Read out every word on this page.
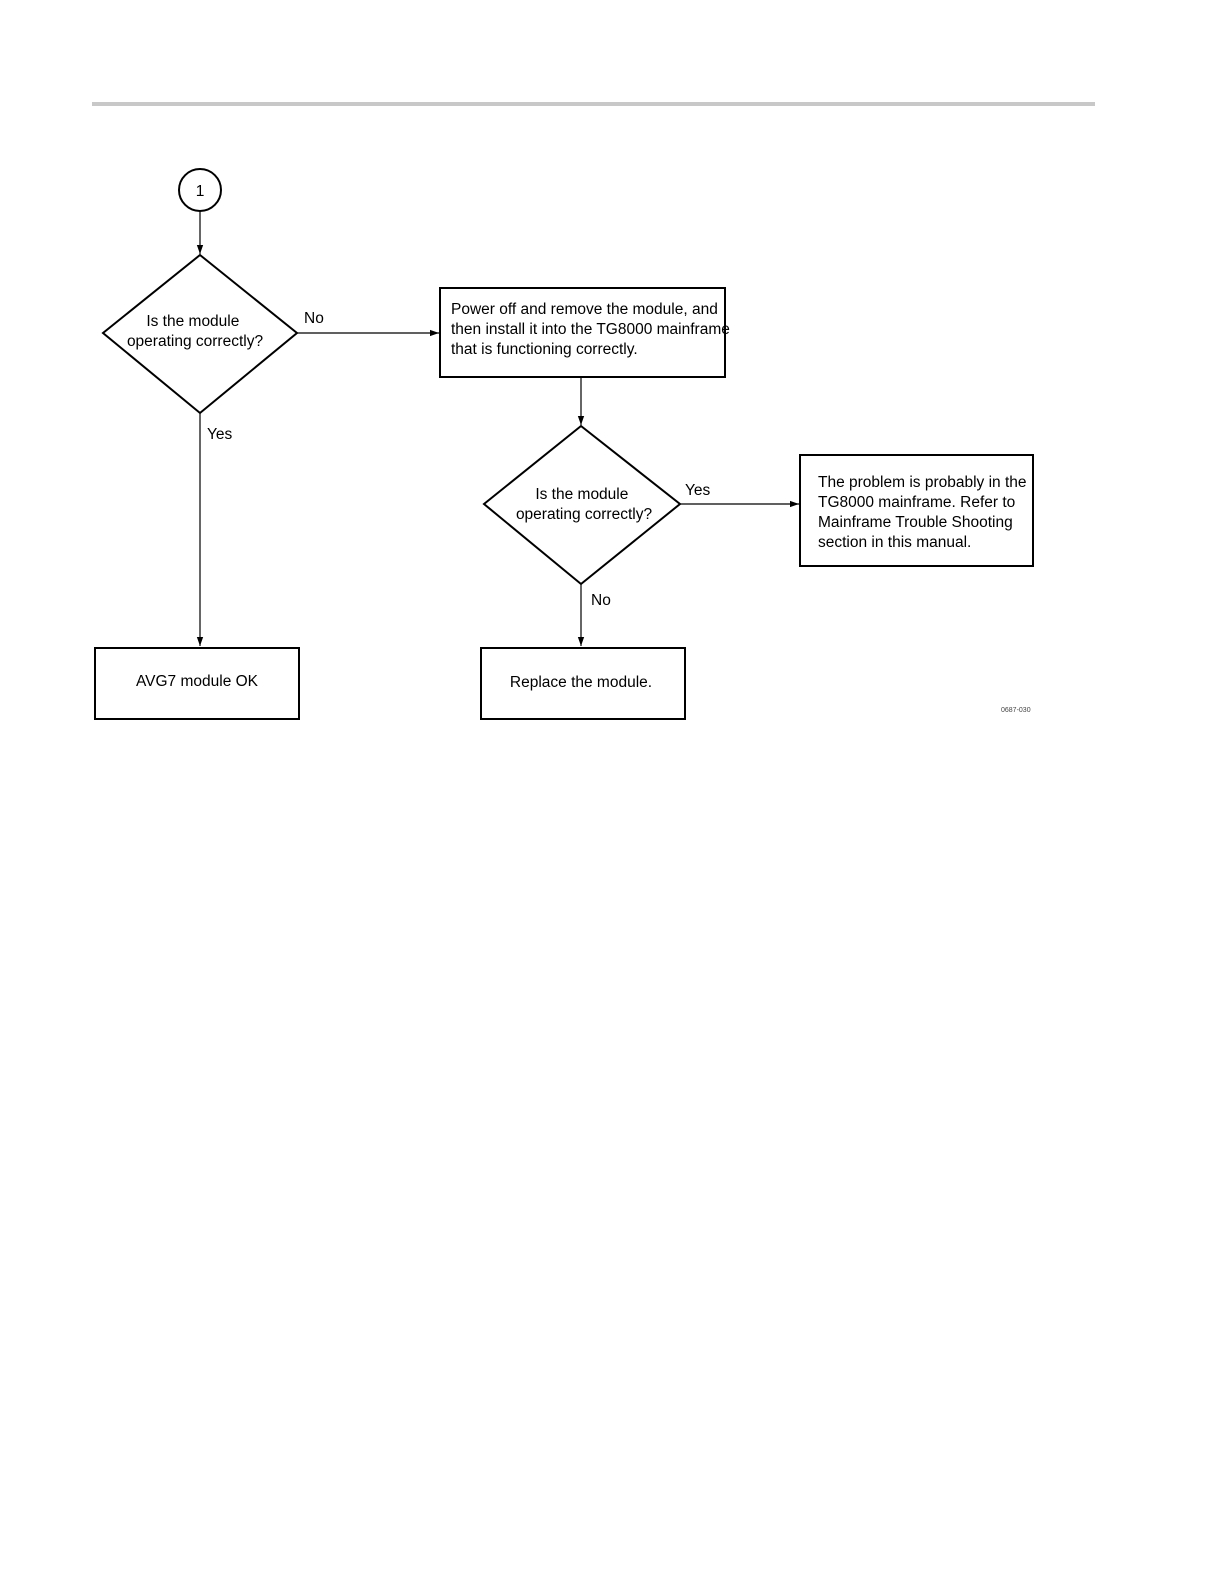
1
Is the module operating correctly?
No
Yes
Power off and remove the module, and then install it into the TG8000 mainframe that is functioning correctly.
Is the module operating correctly?
Yes
No
The problem is probably in the TG8000 mainframe. Refer to Mainframe Trouble Shooting section in this manual.
AVG7 module OK	Replace the module.
0687-030
